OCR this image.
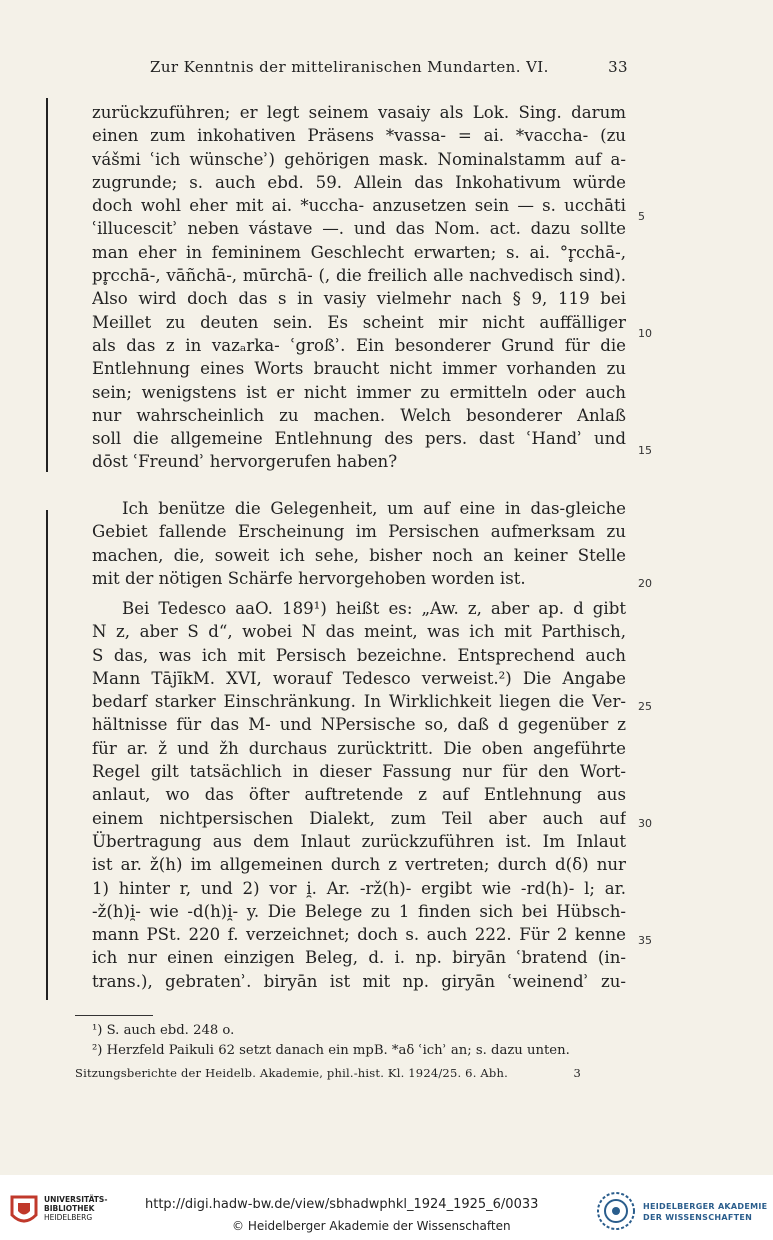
Zur Kenntnis der mitteliranischen Mundarten. VI.	33
zurückzuführen; er legt seinem vasaiy als Lok. Sing. darum
einen zum inkohativen Präsens *vassa- = ai. *vaccha- (zu
vášmi ʿich wünscheʾ) gehörigen mask. Nominalstamm auf a-
zugrunde; s. auch ebd. 59. Allein das Inkohativum würde
doch wohl eher mit ai. *uccha- anzusetzen sein — s. ucchāti
ʿillucescitʾ neben vástave —. und das Nom. act. dazu sollte
man eher in femininem Geschlecht erwarten; s. ai. °r̥cchā-,
pr̥cchā-, vāñchā-, mūrchā- (, die freilich alle nachvedisch sind).
Also wird doch das s in vasiy vielmehr nach § 9, 119 bei
Meillet zu deuten sein. Es scheint mir nicht auffälliger
als das z in vazₐrka- ʿgroßʾ. Ein besonderer Grund für die
Entlehnung eines Worts braucht nicht immer vorhanden zu
sein; wenigstens ist er nicht immer zu ermitteln oder auch
nur wahrscheinlich zu machen. Welch besonderer Anlaß
soll die allgemeine Entlehnung des pers. dast ʿHandʾ und
dōst ʿFreundʾ hervorgerufen haben?
Ich benütze die Gelegenheit, um auf eine in das-gleiche
Gebiet fallende Erscheinung im Persischen aufmerksam zu
machen, die, soweit ich sehe, bisher noch an keiner Stelle
mit der nötigen Schärfe hervorgehoben worden ist.
Bei Tedesco aaO. 189¹) heißt es: „Aw. z, aber ap. d gibt
N z, aber S d“, wobei N das meint, was ich mit Parthisch,
S das, was ich mit Persisch bezeichne. Entsprechend auch
Mann TājīkM. XVI, worauf Tedesco verweist.²) Die Angabe
bedarf starker Einschränkung. In Wirklichkeit liegen die Ver-
hältnisse für das M- und NPersische so, daß d gegenüber z
für ar. ž und žh durchaus zurücktritt. Die oben angeführte
Regel gilt tatsächlich in dieser Fassung nur für den Wort-
anlaut, wo das öfter auftretende z auf Entlehnung aus
einem nichtpersischen Dialekt, zum Teil aber auch auf
Übertragung aus dem Inlaut zurückzuführen ist. Im Inlaut
ist ar. ž(h) im allgemeinen durch z vertreten; durch d(δ) nur
1) hinter r, und 2) vor i̯. Ar. -rž(h)- ergibt wie -rd(h)- l; ar.
-ž(h)i̯- wie -d(h)i̯- y. Die Belege zu 1 finden sich bei Hübsch-
mann PSt. 220 f. verzeichnet; doch s. auch 222. Für 2 kenne
ich nur einen einzigen Beleg, d. i. np. biryān ʿbratend (in-
trans.), gebratenʾ. biryān ist mit np. giryān ʿweinendʾ zu-
5
10
15
20
25
30
35
¹) S. auch ebd. 248 o.
²) Herzfeld Paikuli 62 setzt danach ein mpB. *aδ ʿichʾ an; s. dazu unten.
Sitzungsberichte der Heidelb. Akademie, phil.-hist. Kl. 1924/25. 6. Abh.	3
UNIVERSITÄTS-
BIBLIOTHEK
HEIDELBERG
http://digi.hadw-bw.de/view/sbhadwphkl_1924_1925_6/0033
© Heidelberger Akademie der Wissenschaften
HEIDELBERGER AKADEMIE
DER WISSENSCHAFTEN
